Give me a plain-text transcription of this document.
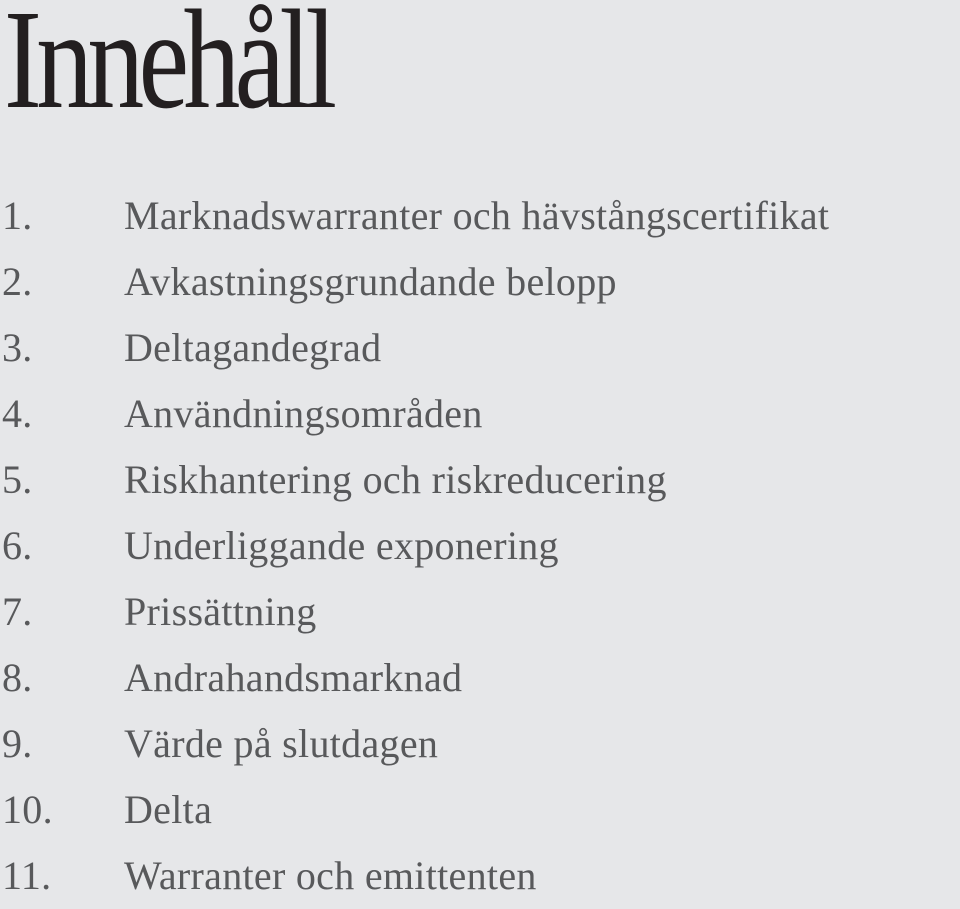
Innehåll
1.	Marknadswarranter och hävstångscertifikat
2.	Avkastningsgrundande belopp
3.	Deltagandegrad
4.	Användningsområden
5.	Riskhantering och riskreducering
6.	Underliggande exponering
7.	Prissättning
8.	Andrahandsmarknad
9.	Värde på slutdagen
10.	Delta
11.	Warranter och emittenten
